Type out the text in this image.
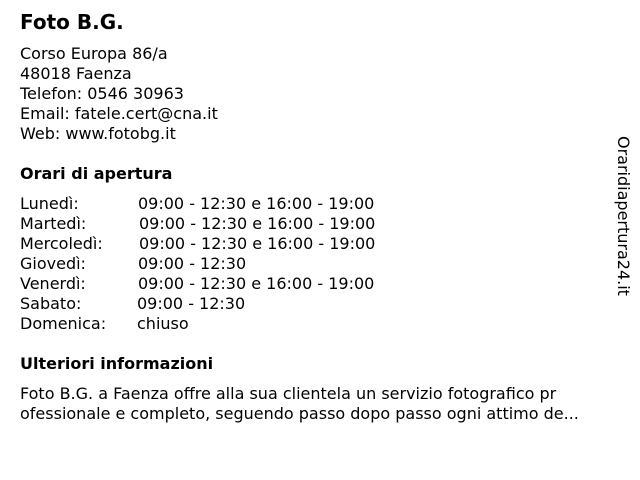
Foto B.G.
Corso Europa 86/a
48018 Faenza
Telefon: 0546 30963
Email: fatele.cert@cna.it
Web: www.fotobg.it
Orari di apertura
Lunedì:	09:00 - 12:30 e 16:00 - 19:00
Martedì:	09:00 - 12:30 e 16:00 - 19:00
Mercoledì: 09:00 - 12:30 e 16:00 - 19:00
Giovedì:	09:00 - 12:30
Venerdì:	09:00 - 12:30 e 16:00 - 19:00
Sabato:	09:00 - 12:30
Domenica: chiuso
Ulteriori informazioni
Foto B.G. a Faenza offre alla sua clientela un servizio fotografico pr
ofessionale e completo, seguendo passo dopo passo ogni attimo de...
Oraridiapertura24.it
